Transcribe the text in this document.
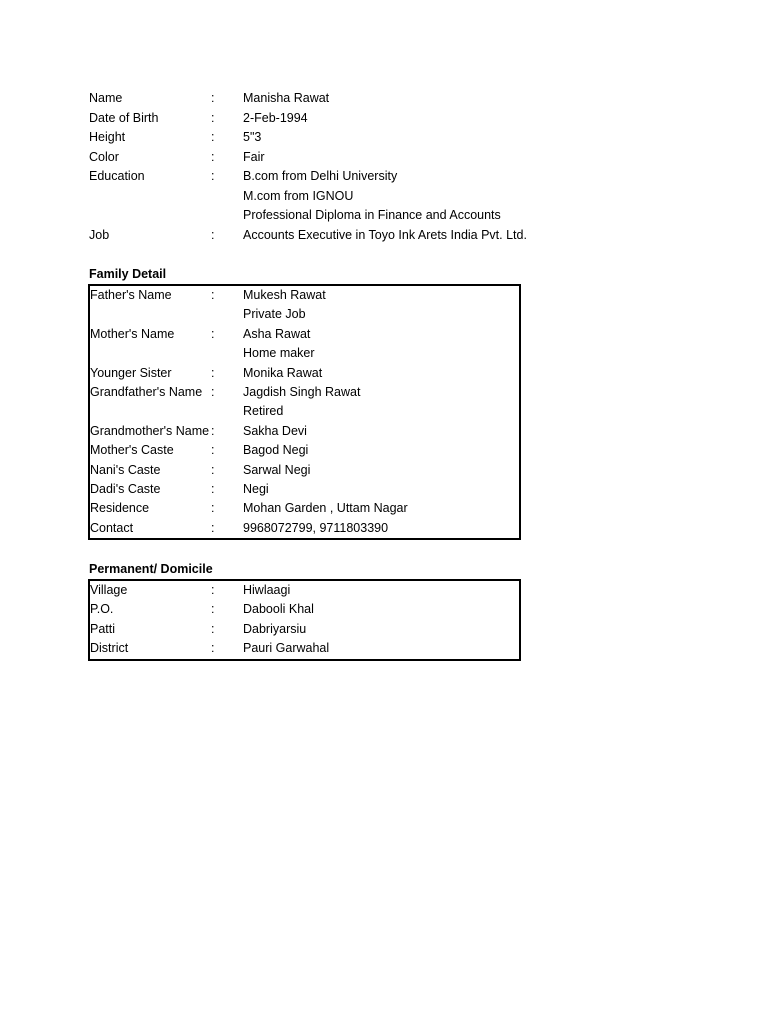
Name	:	Manisha Rawat
Date of Birth	:	2-Feb-1994
Height	:	5"3
Color	:	Fair
Education	:	B.com from Delhi University
M.com from IGNOU
Professional Diploma in Finance and Accounts
Job	:	Accounts Executive in Toyo Ink Arets India Pvt. Ltd.
Family Detail
Father's Name	:	Mukesh Rawat
Private Job
Mother's Name	:	Asha Rawat
Home maker
Younger Sister	:	Monika Rawat
Grandfather's Name :	Jagdish Singh Rawat
Retired
Grandmother's Name :	Sakha Devi
Mother's Caste	:	Bagod Negi
Nani's Caste	:	Sarwal Negi
Dadi's Caste	:	Negi
Residence	:	Mohan Garden , Uttam Nagar
Contact	:	9968072799, 9711803390
Permanent/ Domicile
Village	:	Hiwlaagi
P.O.	:	Dabooli Khal
Patti	:	Dabriyarsiu
District	:	Pauri Garwahal
